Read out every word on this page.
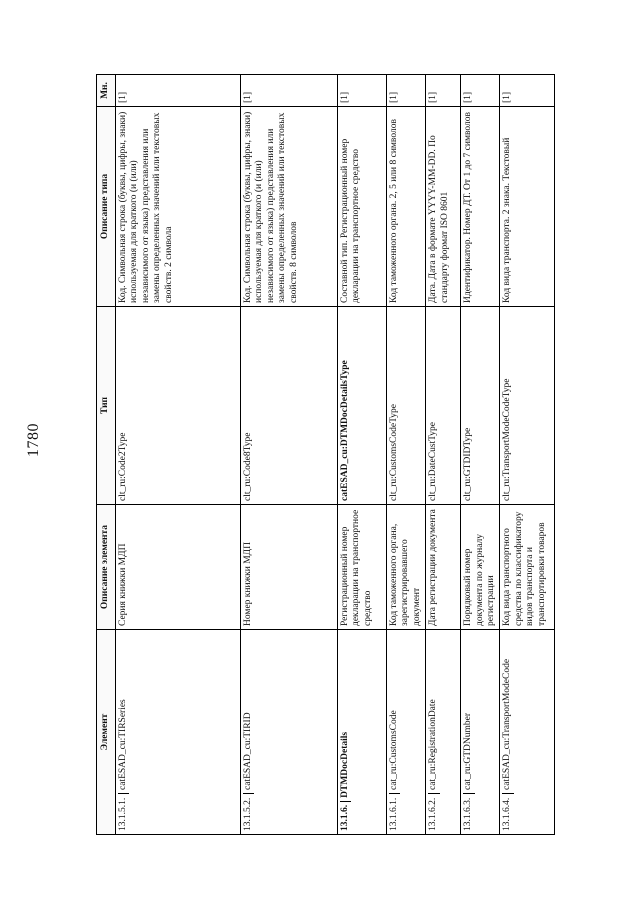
1780
Элемент	Описание элемента	Тип	Описание типа	Мн.
13.1.5.1.catESAD_cu:TIRSeries	Серия книжки МДП	clt_ru:Code2Type	Код. Символьная строка (буквы, цифры, знаки) используемая для краткого (и (или) независимого от языка) представления или замены определенных значений или текстовых свойств. 2 символа	[1]
13.1.5.2.catESAD_cu:TIRID	Номер книжки МДП	clt_ru:Code8Type	Код. Символьная строка (буквы, цифры, знаки) используемая для краткого (и (или) независимого от языка) представления или замены определенных значений или текстовых свойств. 8 символов	[1]
13.1.6.DTMDocDetails	Регистрационный номер декларации на транспортное средство	catESAD_cu:DTMDocDetailsType	Составной тип. Регистрационный номер декларации на транспортное средство	[1]
13.1.6.1.cat_ru:CustomsCode	Код таможенного органа, зарегистрировавшего документ	clt_ru:CustomsCodeType	Код таможенного органа. 2, 5 или 8 символов	[1]
13.1.6.2.cat_ru:RegistrationDate	Дата регистрации документа	clt_ru:DateCustType	Дата. Дата в формате YYYY-MM-DD. По стандарту формат ISO 8601	[1]
13.1.6.3.cat_ru:GTDNumber	Порядковый номер документа по журналу регистрации	clt_ru:GTDIDType	Идентификатор. Номер ДТ. От 1 до 7 символов	[1]
13.1.6.4.catESAD_cu:TransportModeCode	Код вида транспортного средства по классификатору видов транспорта и транспортировки товаров	clt_ru:TransportModeCodeType	Код вида транспорта. 2 знака. Текстовый	[1]
